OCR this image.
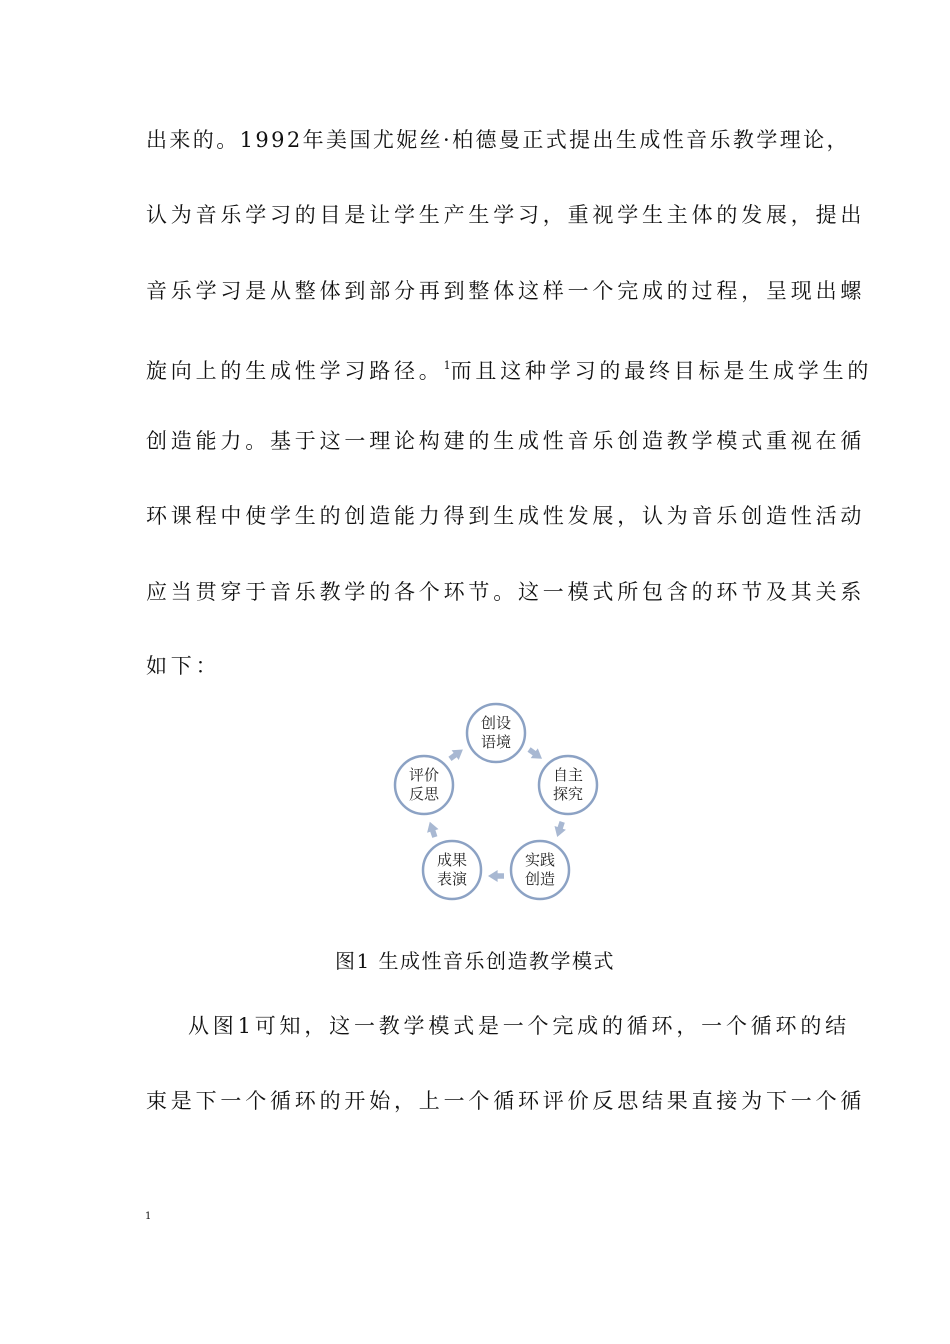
出来的。1992年美国尤妮丝·柏德曼正式提出生成性音乐教学理论，
认为音乐学习的目是让学生产生学习，重视学生主体的发展，提出
音乐学习是从整体到部分再到整体这样一个完成的过程，呈现出螺
旋向上的生成性学习路径。$^1$而且这种学习的最终目标是生成学生的
创造能力。基于这一理论构建的生成性音乐创造教学模式重视在循
环课程中使学生的创造能力得到生成性发展，认为音乐创造性活动
应当贯穿于音乐教学的各个环节。这一模式所包含的环节及其关系
如下：
创设
语境
自主
探究
实践
创造
成果
表演
评价
反思
图1 生成性音乐创造教学模式
从图1可知，这一教学模式是一个完成的循环，一个循环的结
束是下一个循环的开始，上一个循环评价反思结果直接为下一个循
1
